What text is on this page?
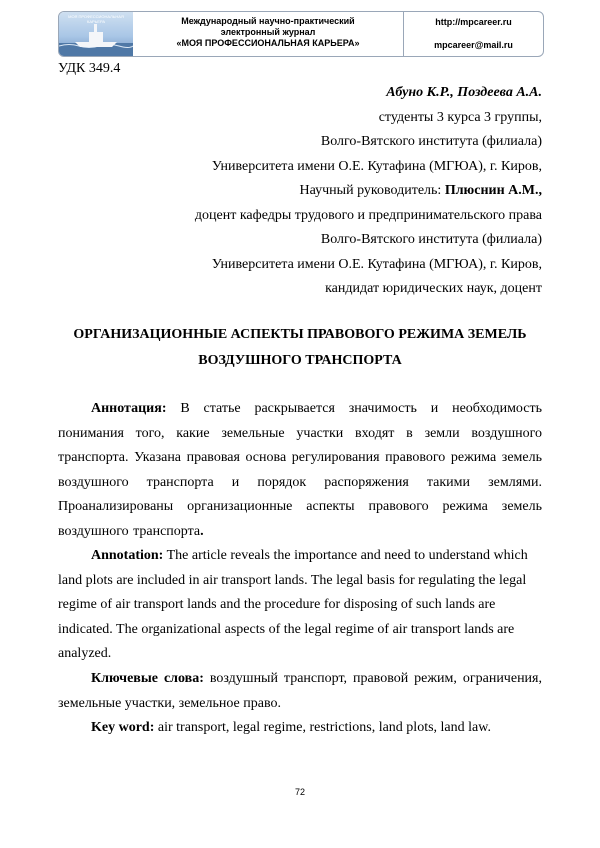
МОЯ ПРОФЕССИОНАЛЬНАЯ КАРЬЕРА	Международный научно-практический
электронный журнал
«МОЯ ПРОФЕССИОНАЛЬНАЯ КАРЬЕРА»
http://mpcareer.ru
mpcareer@mail.ru
УДК 349.4
Абуно К.Р., Поздеева А.А.
студенты 3 курса 3 группы,
Волго-Вятского института (филиала)
Университета имени О.Е. Кутафина (МГЮА), г. Киров,
Научный руководитель: Плюснин А.М.,
доцент кафедры трудового и предпринимательского права
Волго-Вятского института (филиала)
Университета имени О.Е. Кутафина (МГЮА), г. Киров,
кандидат юридических наук, доцент
ОРГАНИЗАЦИОННЫЕ АСПЕКТЫ ПРАВОВОГО РЕЖИМА ЗЕМЕЛЬ
ВОЗДУШНОГО ТРАНСПОРТА
Аннотация: В статье раскрывается значимость и необходимость понимания того, какие земельные участки входят в земли воздушного транспорта. Указана правовая основа регулирования правового режима земель воздушного транспорта и порядок распоряжения такими землями. Проанализированы организационные аспекты правового режима земель воздушного транспорта.
Annotation: The article reveals the importance and need to understand which
land plots are included in air transport lands. The legal basis for regulating the legal
regime of air transport lands and the procedure for disposing of such lands are
indicated. The organizational aspects of the legal regime of air transport lands are
analyzed.
Ключевые слова: воздушный транспорт, правовой режим, ограничения, земельные участки, земельное право.
Key word: air transport, legal regime, restrictions, land plots, land law.
72
